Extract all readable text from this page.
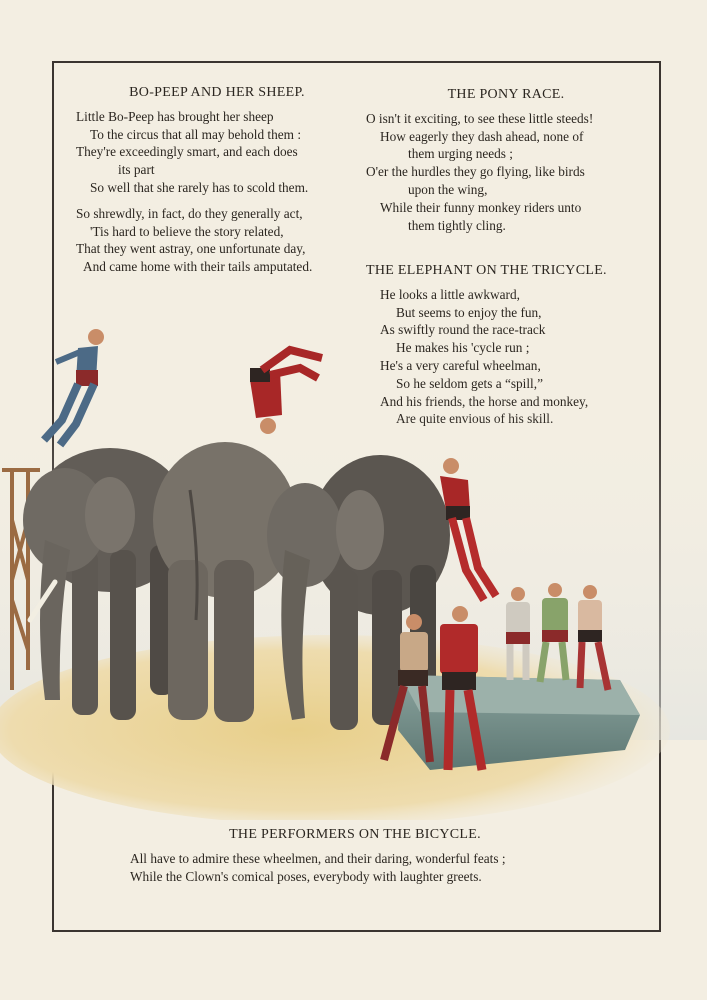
BO-PEEP AND HER SHEEP.
Little Bo-Peep has brought her sheep
To the circus that all may behold them :
They're exceedingly smart, and each does
its part
So well that she rarely has to scold them.
So shrewdly, in fact, do they generally act,
'Tis hard to believe the story related,
That they went astray, one unfortunate day,
And came home with their tails amputated.
THE PONY RACE.
O isn't it exciting, to see these little steeds!
How eagerly they dash ahead, none of
them urging needs ;
O'er the hurdles they go flying, like birds
upon the wing,
While their funny monkey riders unto
them tightly cling.
THE ELEPHANT ON THE TRICYCLE.
He looks a little awkward,
But seems to enjoy the fun,
As swiftly round the race-track
He makes his 'cycle run ;
He's a very careful wheelman,
So he seldom gets a “spill,”
THE PERFORMERS ON THE BICYCLE.
All have to admire these wheelmen, and their daring, wonderful feats ;
While the Clown's comical poses, everybody with laughter greets.
